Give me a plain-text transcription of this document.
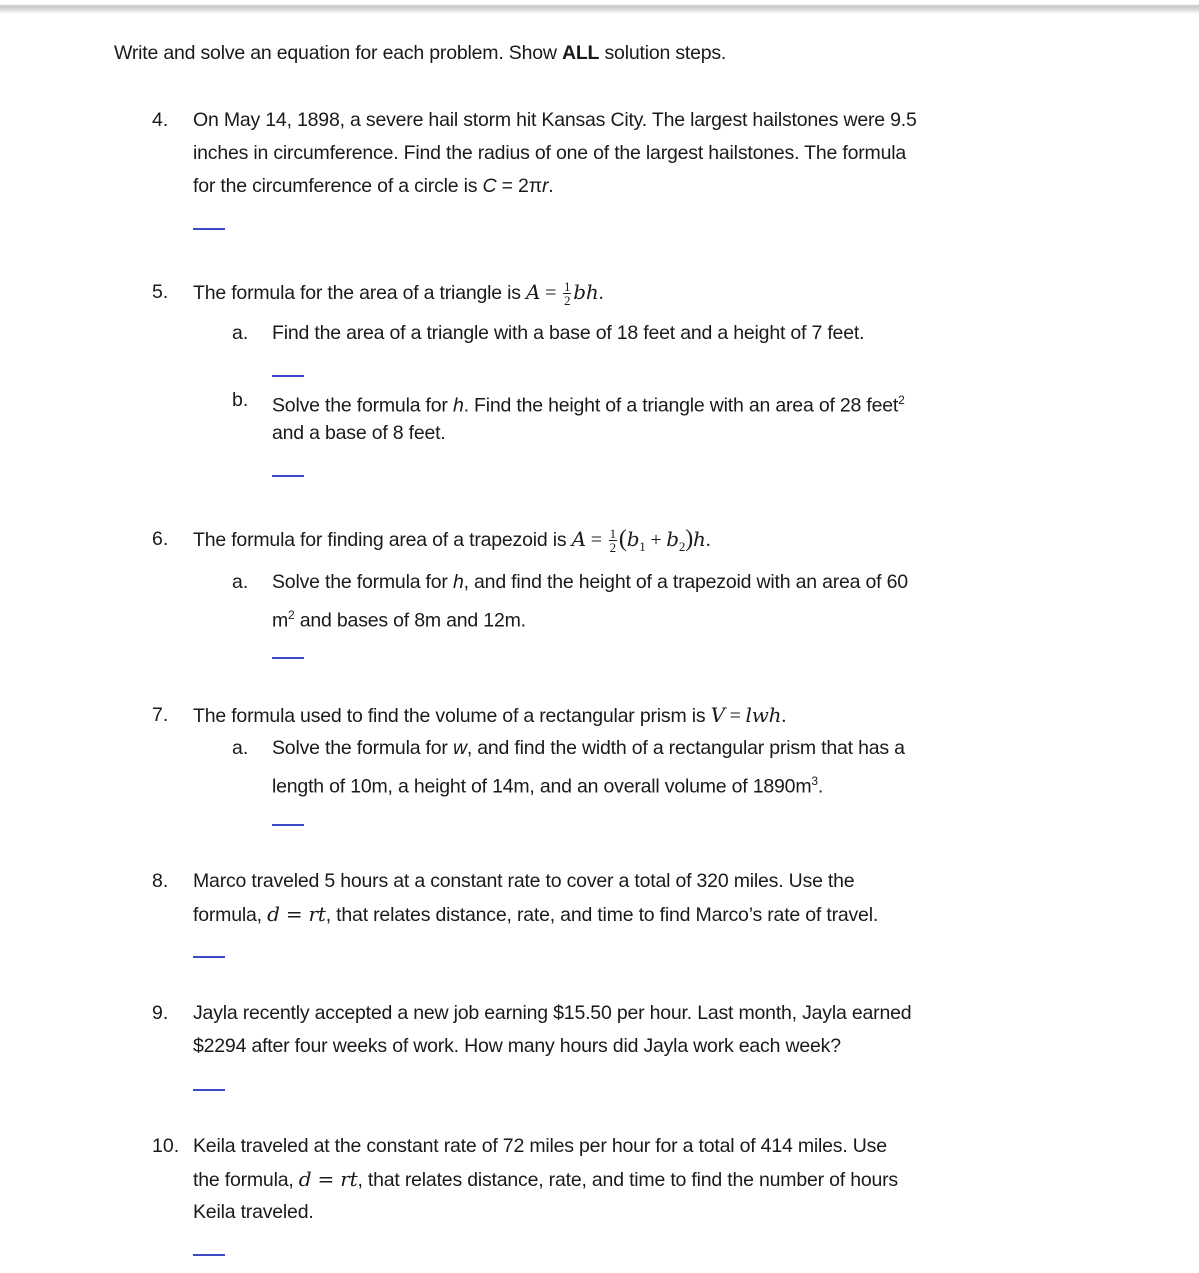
Write and solve an equation for each problem. Show ALL solution steps.
4. On May 14, 1898, a severe hail storm hit Kansas City. The largest hailstones were 9.5
inches in circumference. Find the radius of one of the largest hailstones. The formula
for the circumference of a circle is C = 2πr.
5. The formula for the area of a triangle is $A = \frac{1}{2}$ bh.
a. Find the area of a triangle with a base of 18 feet and a height of 7 feet.
b. Solve the formula for h. Find the height of a triangle with an area of 28 feet$^2$
and a base of 8 feet.
6. The formula for finding area of a trapezoid is $A = \frac{1}{2} (b_1 + b_2)h$.
a. Solve the formula for h, and find the height of a trapezoid with an area of 60
$m^2$ and bases of 8m and 12m.
7. The formula used to find the volume of a rectangular prism is V = lwh.
a. Solve the formula for w, and find the width of a rectangular prism that has a
length of 10m, a height of 14m, and an overall volume of $1890m^3$.
8. Marco traveled 5 hours at a constant rate to cover a total of 320 miles. Use the
formula, d = rt, that relates distance, rate, and time to find Marco’s rate of travel.
9. Jayla recently accepted a new job earning $15.50 per hour. Last month, Jayla earned
$2294 after four weeks of work. How many hours did Jayla work each week?
10. Keila traveled at the constant rate of 72 miles per hour for a total of 414 miles. Use
the formula, d = rt, that relates distance, rate, and time to find the number of hours
Keila traveled.
